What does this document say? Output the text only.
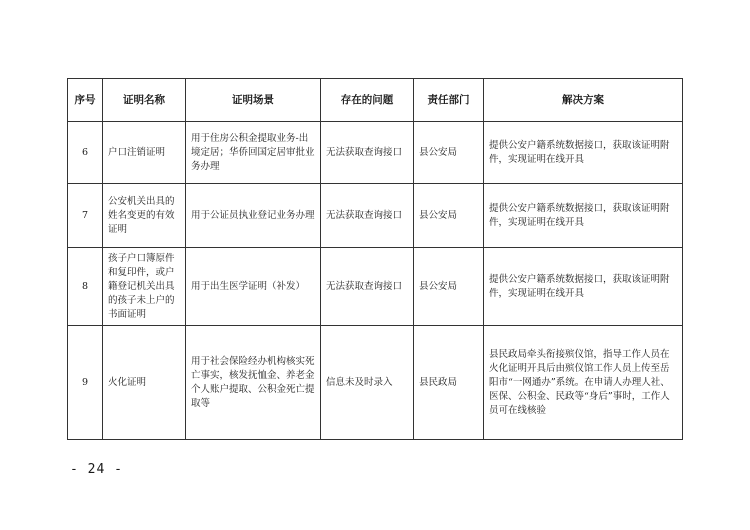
序号	证明名称	证明场景	存在的问题	责任部门	解决方案
6	户口注销证明	用于住房公积金提取业务-出境定居；华侨回国定居审批业务办理	无法获取查询接口	县公安局	提供公安户籍系统数据接口，获取该证明附件，实现证明在线开具
7	公安机关出具的姓名变更的有效证明	用于公证员执业登记业务办理	无法获取查询接口	县公安局	提供公安户籍系统数据接口，获取该证明附件，实现证明在线开具
8	孩子户口簿原件和复印件，或户籍登记机关出具的孩子未上户的书面证明	用于出生医学证明（补发）	无法获取查询接口	县公安局	提供公安户籍系统数据接口，获取该证明附件，实现证明在线开具
9	火化证明	用于社会保险经办机构核实死亡事实，核发抚恤金、养老金个人账户提取、公积金死亡提取等	信息未及时录入	县民政局	县民政局牵头衔接殡仪馆，指导工作人员在火化证明开具后由殡仪馆工作人员上传至岳阳市“一网通办”系统。在申请人办理人社、医保、公积金、民政等“身后”事时，工作人员可在线核验
- 24 -
